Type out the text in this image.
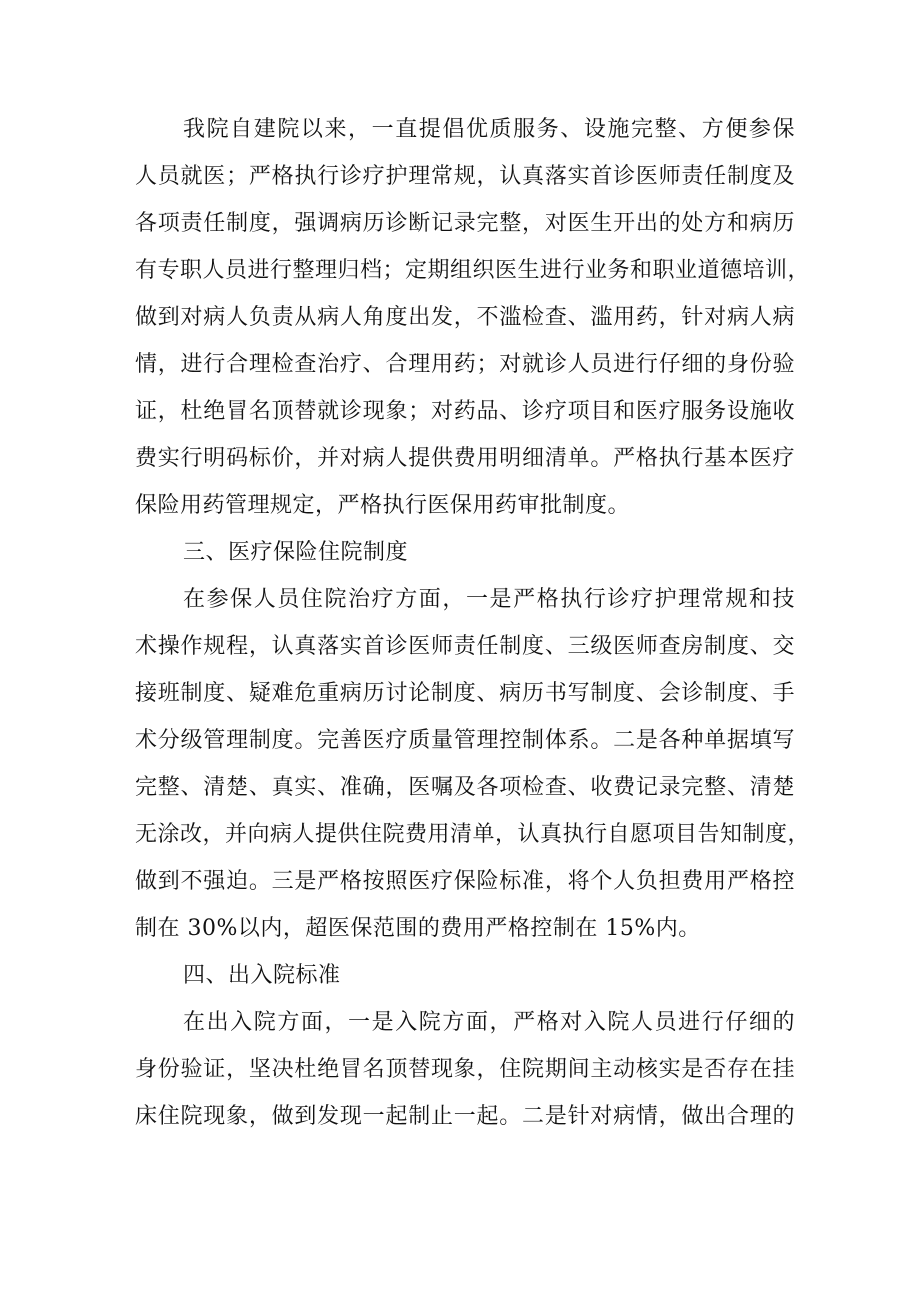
我院自建院以来，一直提倡优质服务、设施完整、方便参保
人员就医；严格执行诊疗护理常规，认真落实首诊医师责任制度及
各项责任制度，强调病历诊断记录完整，对医生开出的处方和病历
有专职人员进行整理归档；定期组织医生进行业务和职业道德培训，
做到对病人负责从病人角度出发，不滥检查、滥用药，针对病人病
情，进行合理检查治疗、合理用药；对就诊人员进行仔细的身份验
证，杜绝冒名顶替就诊现象；对药品、诊疗项目和医疗服务设施收
费实行明码标价，并对病人提供费用明细清单。严格执行基本医疗
保险用药管理规定，严格执行医保用药审批制度。
三、医疗保险住院制度
在参保人员住院治疗方面，一是严格执行诊疗护理常规和技
术操作规程，认真落实首诊医师责任制度、三级医师查房制度、交
接班制度、疑难危重病历讨论制度、病历书写制度、会诊制度、手
术分级管理制度。完善医疗质量管理控制体系。二是各种单据填写
完整、清楚、真实、准确，医嘱及各项检查、收费记录完整、清楚
无涂改，并向病人提供住院费用清单，认真执行自愿项目告知制度，
做到不强迫。三是严格按照医疗保险标准，将个人负担费用严格控
制在 30%以内，超医保范围的费用严格控制在 15%内。
四、出入院标准
在出入院方面，一是入院方面，严格对入院人员进行仔细的
身份验证，坚决杜绝冒名顶替现象，住院期间主动核实是否存在挂
床住院现象，做到发现一起制止一起。二是针对病情，做出合理的
